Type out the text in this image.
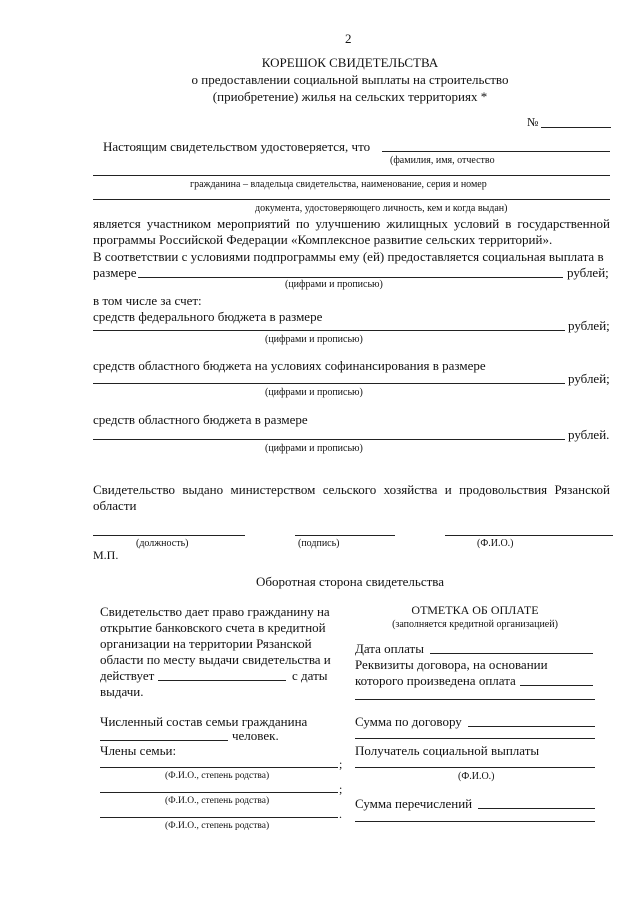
2
КОРЕШОК СВИДЕТЕЛЬСТВА
о предоставлении социальной выплаты на строительство
(приобретение) жилья на сельских территориях *
№
Настоящим свидетельством удостоверяется, что
(фамилия, имя, отчество
гражданина – владельца свидетельства, наименование, серия и номер
документа, удостоверяющего личность, кем и когда выдан)
является участником мероприятий по улучшению жилищных условий в государственной
программы Российской Федерации «Комплексное развитие сельских территорий».
В соответствии с условиями подпрограммы ему (ей) предоставляется социальная выплата в
размере	рублей;
(цифрами и прописью)
в том числе за счет:
средств федерального бюджета в размере
рублей;
(цифрами и прописью)
средств областного бюджета на условиях софинансирования в размере
рублей;
(цифрами и прописью)
средств областного бюджета в размере
рублей.
(цифрами и прописью)
Свидетельство выдано министерством сельского хозяйства и продовольствия Рязанской
области
(должность)	(подпись)	(Ф.И.О.)
М.П.
Оборотная сторона свидетельства
Свидетельство дает право гражданину на
открытие банковского счета в кредитной
организации на территории Рязанской
области по месту выдачи свидетельства и
действует	с даты
выдачи.
Численный состав семьи гражданина
человек.
Члены семьи:
;
(Ф.И.О., степень родства)
;
(Ф.И.О., степень родства)
.
(Ф.И.О., степень родства)
ОТМЕТКА ОБ ОПЛАТЕ
(заполняется кредитной организацией)
Дата оплаты
Реквизиты договора, на основании
которого произведена оплата
Сумма по договору
Получатель социальной выплаты
(Ф.И.О.)
Сумма перечислений
